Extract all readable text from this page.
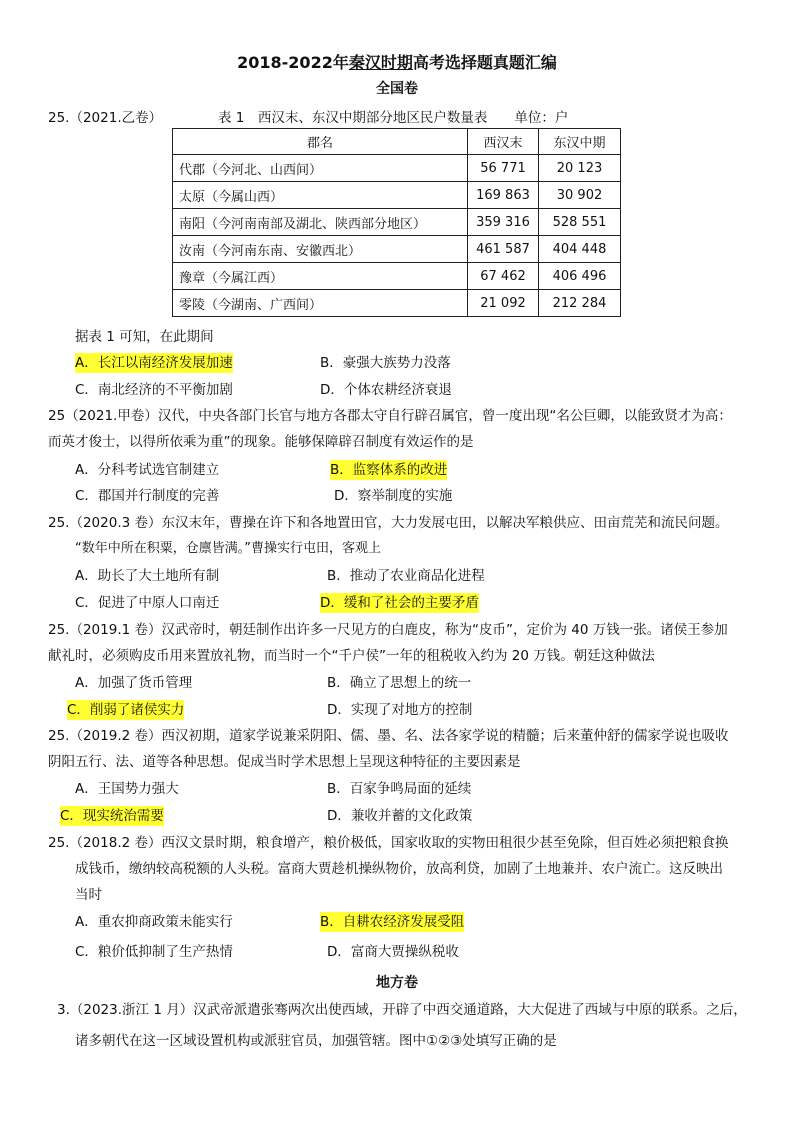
2018-2022年秦汉时期高考选择题真题汇编
全国卷
25.（2021.乙卷）	表 1　西汉末、东汉中期部分地区民户数量表　　单位：户
郡名	西汉末	东汉中期
代郡（今河北、山西间）	56 771	20 123
太原（今属山西）	169 863	30 902
南阳（今河南南部及湖北、陕西部分地区）	359 316	528 551
汝南（今河南东南、安徽西北）	461 587	404 448
豫章（今属江西）	67 462	406 496
零陵（今湖南、广西间）	21 092	212 284
据表 1 可知，在此期间
A．长江以南经济发展加速	B．豪强大族势力没落
C．南北经济的不平衡加剧	D．个体农耕经济衰退
25（2021.甲卷）汉代，中央各部门长官与地方各郡太守自行辟召属官，曾一度出现“名公巨卿，以能致贤才为高：
而英才俊士，以得所依乘为重”的现象。能够保障辟召制度有效运作的是
A．分科考试选官制建立	B．监察体系的改进
C．郡国并行制度的完善	D．察举制度的实施
25.（2020.3 卷）东汉末年，曹操在许下和各地置田官，大力发展屯田，以解决军粮供应、田亩荒芜和流民问题。
“数年中所在积粟，仓廪皆满。”曹操实行屯田，客观上
A．助长了大土地所有制	B．推动了农业商品化进程
C．促进了中原人口南迁	D．缓和了社会的主要矛盾
25.（2019.1 卷）汉武帝时，朝廷制作出许多一尺见方的白鹿皮，称为“皮币”，定价为 40 万钱一张。诸侯王参加
献礼时，必须购皮币用来置放礼物，而当时一个“千户侯”一年的租税收入约为 20 万钱。朝廷这种做法
A．加强了货币管理	B．确立了思想上的统一
C．削弱了诸侯实力	D．实现了对地方的控制
25.（2019.2 卷）西汉初期，道家学说兼采阴阳、儒、墨、名、法各家学说的精髓；后来董仲舒的儒家学说也吸收
阴阳五行、法、道等各种思想。促成当时学术思想上呈现这种特征的主要因素是
A．王国势力强大	B．百家争鸣局面的延续
C．现实统治需要	D．兼收并蓄的文化政策
25.（2018.2 卷）西汉文景时期，粮食增产，粮价极低，国家收取的实物田租很少甚至免除，但百姓必须把粮食换
成钱币，缴纳较高税额的人头税。富商大贾趁机操纵物价，放高利贷，加剧了土地兼并、农户流亡。这反映出
当时
A．重农抑商政策未能实行	B．自耕农经济发展受阻
C．粮价低抑制了生产热情	D．富商大贾操纵税收
地方卷
3.（2023.浙江 1 月）汉武帝派遣张骞两次出使西域，开辟了中西交通道路，大大促进了西域与中原的联系。之后，
诸多朝代在这一区域设置机构或派驻官员，加强管辖。图中①②③处填写正确的是
